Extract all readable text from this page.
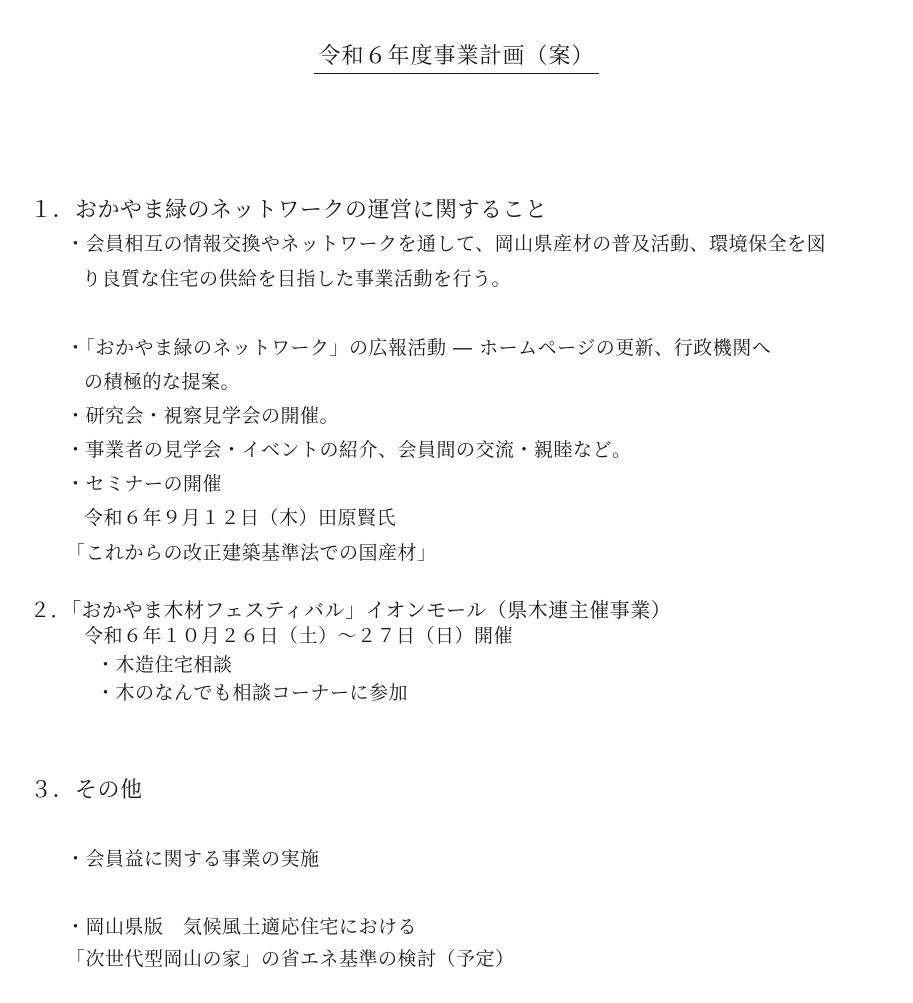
令和６年度事業計画（案）
１．おかやま緑のネットワークの運営に関すること
・会員相互の情報交換やネットワークを通して、岡山県産材の普及活動、環境保全を図
り良質な住宅の供給を目指した事業活動を行う。
・「おかやま緑のネットワーク」の広報活動 ― ホームページの更新、行政機関へ
の積極的な提案。
・研究会・視察見学会の開催。
・事業者の見学会・イベントの紹介、会員間の交流・親睦など。
・セミナーの開催
令和６年９月１２日（木）田原賢氏
「これからの改正建築基準法での国産材」
２．「おかやま木材フェスティバル」イオンモール（県木連主催事業）
令和６年１０月２６日（土）～２７日（日）開催
・木造住宅相談
・木のなんでも相談コーナーに参加
３．その他
・会員益に関する事業の実施
・岡山県版　気候風土適応住宅における
「次世代型岡山の家」の省エネ基準の検討（予定）
